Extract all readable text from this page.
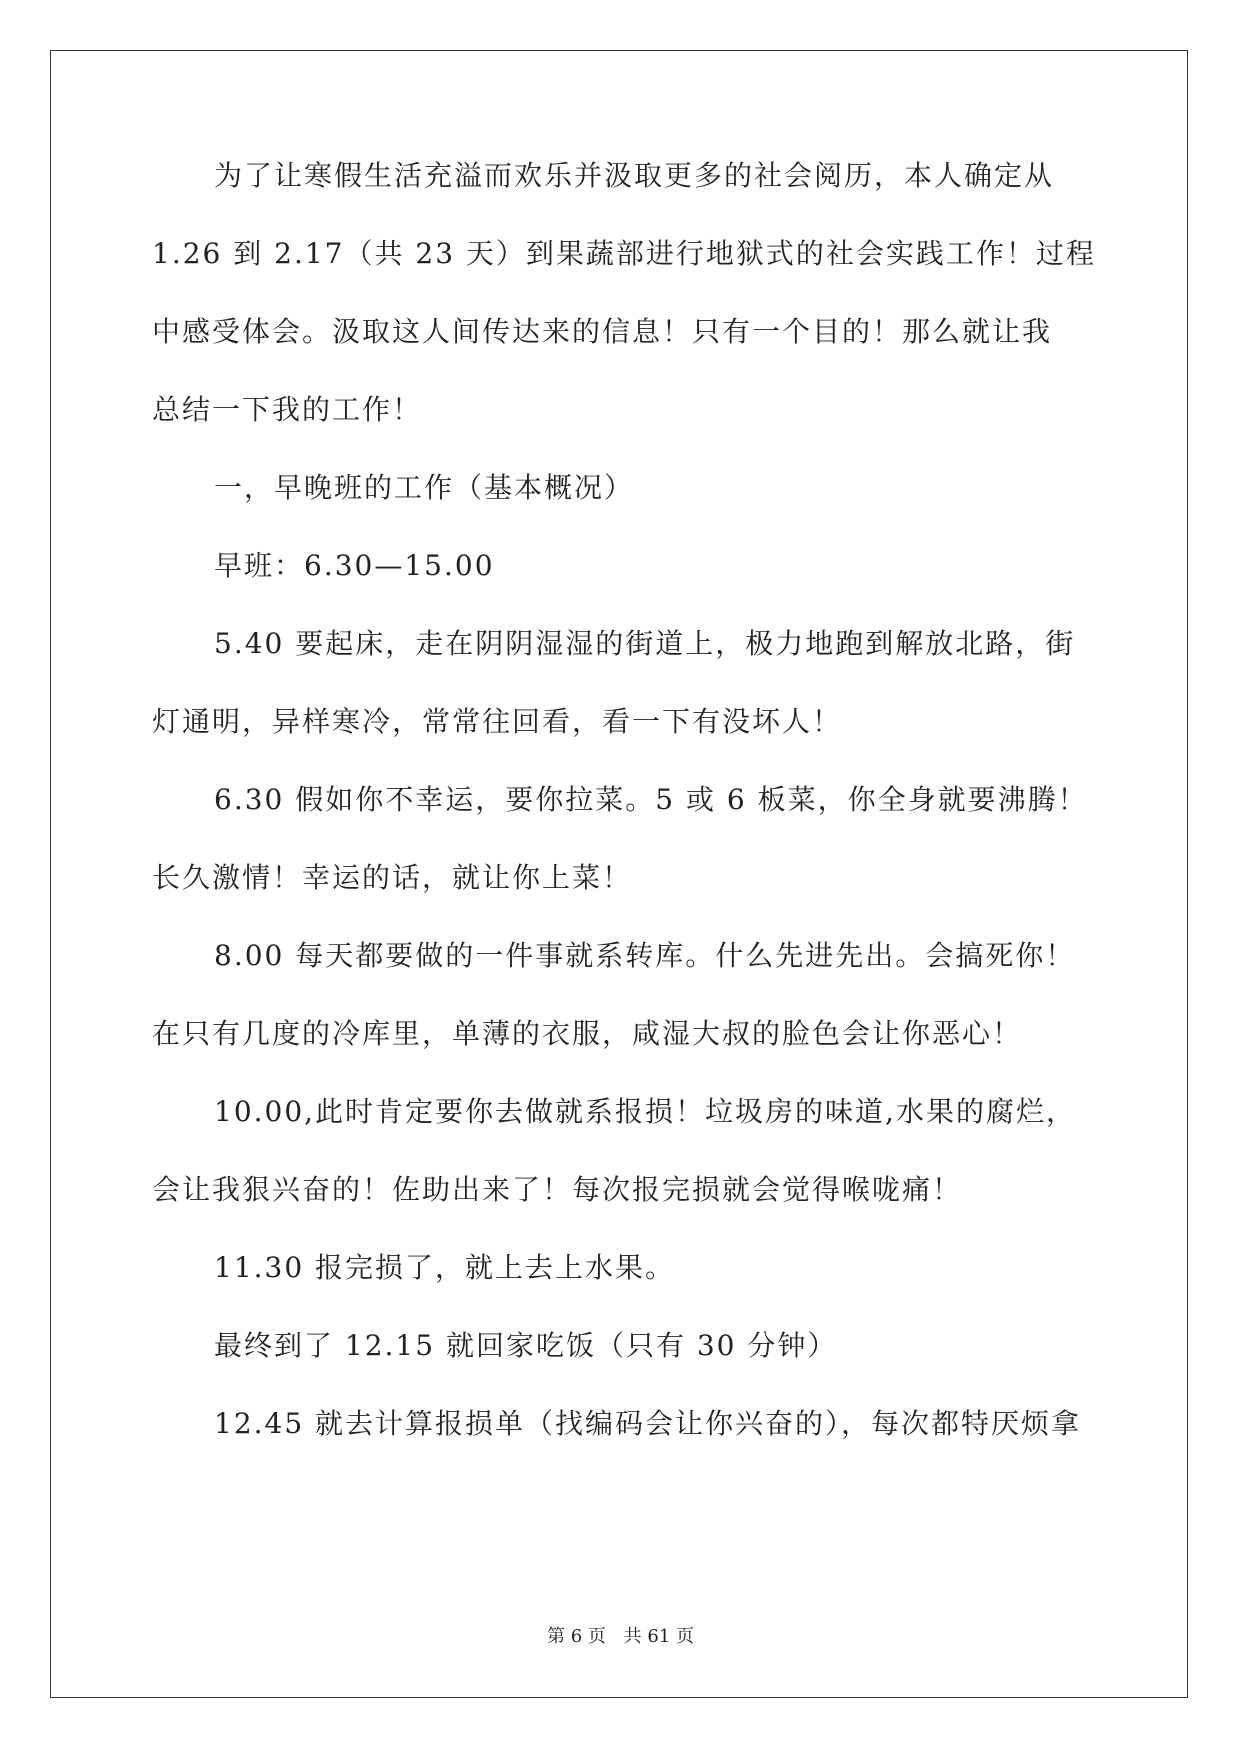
为了让寒假生活充溢而欢乐并汲取更多的社会阅历，本人确定从
1.26 到 2.17（共 23 天）到果蔬部进行地狱式的社会实践工作！过程
中感受体会。汲取这人间传达来的信息！只有一个目的！那么就让我
总结一下我的工作！
一，早晚班的工作（基本概况）
早班：6.30—15.00
5.40 要起床，走在阴阴湿湿的街道上，极力地跑到解放北路，街
灯通明，异样寒冷，常常往回看，看一下有没坏人！
6.30 假如你不幸运，要你拉菜。5 或 6 板菜，你全身就要沸腾！
长久激情！幸运的话，就让你上菜！
8.00 每天都要做的一件事就系转库。什么先进先出。会搞死你！
在只有几度的冷库里，单薄的衣服，咸湿大叔的脸色会让你恶心！
10.00,此时肯定要你去做就系报损！垃圾房的味道,水果的腐烂，
会让我狠兴奋的！佐助出来了！每次报完损就会觉得喉咙痛！
11.30 报完损了，就上去上水果。
最终到了 12.15 就回家吃饭（只有 30 分钟）
12.45 就去计算报损单（找编码会让你兴奋的），每次都特厌烦拿
第 6 页 共 61 页
